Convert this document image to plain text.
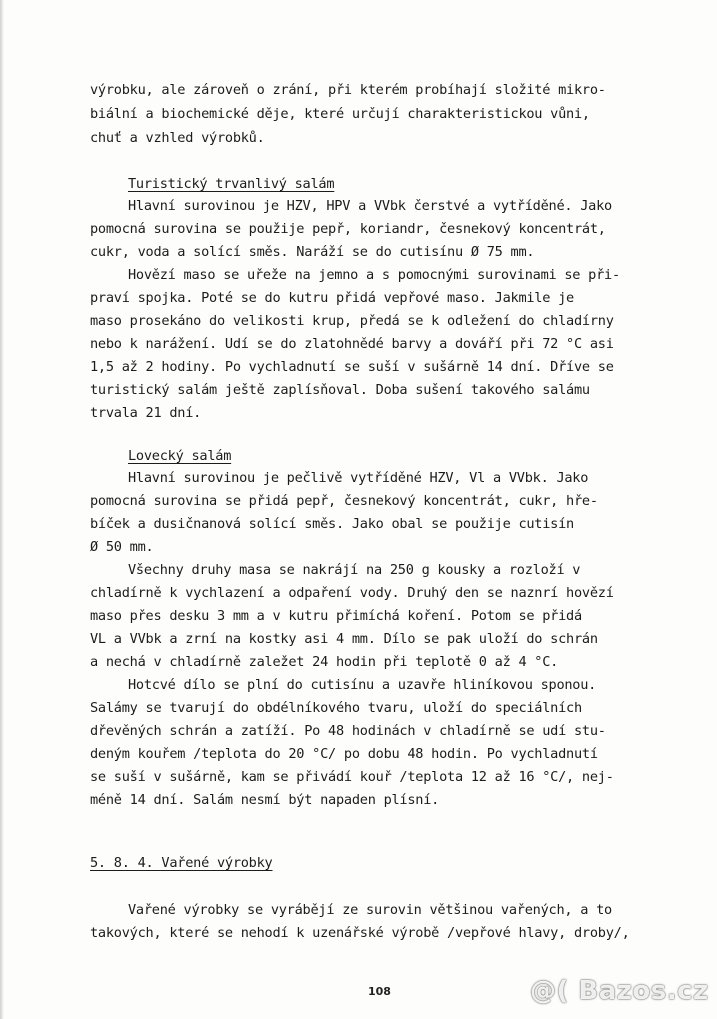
výrobku, ale zároveň o zrání, při kterém probíhají složité mikro-
biální a biochemické děje, které určují charakteristickou vůni,
chuť a vzhled výrobků.
Turistický trvanlivý salám
Hlavní surovinou je HZV, HPV a VVbk čerstvé a vytříděné. Jako
pomocná surovina se použije pepř, koriandr, česnekový koncentrát,
cukr, voda a solící směs. Naráží se do cutisínu Ø 75 mm.
Hovězí maso se uřeže na jemno a s pomocnými surovinami se při-
praví spojka. Poté se do kutru přidá vepřové maso. Jakmile je
maso prosekáno do velikosti krup, předá se k odležení do chladírny
nebo k narážení. Udí se do zlatohnědé barvy a dováří při 72 °C asi
1,5 až 2 hodiny. Po vychladnutí se suší v sušárně 14 dní. Dříve se
turistický salám ještě zaplísňoval. Doba sušení takového salámu
trvala 21 dní.
Lovecký salám
Hlavní surovinou je pečlivě vytříděné HZV, Vl a VVbk. Jako
pomocná surovina se přidá pepř, česnekový koncentrát, cukr, hře-
bíček a dusičnanová solící směs. Jako obal se použije cutisín
Ø 50 mm.
Všechny druhy masa se nakrájí na 250 g kousky a rozloží v
chladírně k vychlazení a odpaření vody. Druhý den se naznrí hovězí
maso přes desku 3 mm a v kutru přimíchá koření. Potom se přidá
VL a VVbk a zrní na kostky asi 4 mm. Dílo se pak uloží do schrán
a nechá v chladírně zaležet 24 hodin při teplotě 0 až 4 °C.
Hotcvé dílo se plní do cutisínu a uzavře hliníkovou sponou.
Salámy se tvarují do obdélníkového tvaru, uloží do speciálních
dřevěných schrán a zatíží. Po 48 hodinách v chladírně se udí stu-
deným kouřem /teplota do 20 °C/ po dobu 48 hodin. Po vychladnutí
se suší v sušárně, kam se přivádí kouř /teplota 12 až 16 °C/, nej-
méně 14 dní. Salám nesmí být napaden plísní.
5. 8. 4. Vařené výrobky
Vařené výrobky se vyrábějí ze surovin většinou vařených, a to
takových, které se nehodí k uzenářské výrobě /vepřové hlavy, droby/,
108	@( Bazos.cz
